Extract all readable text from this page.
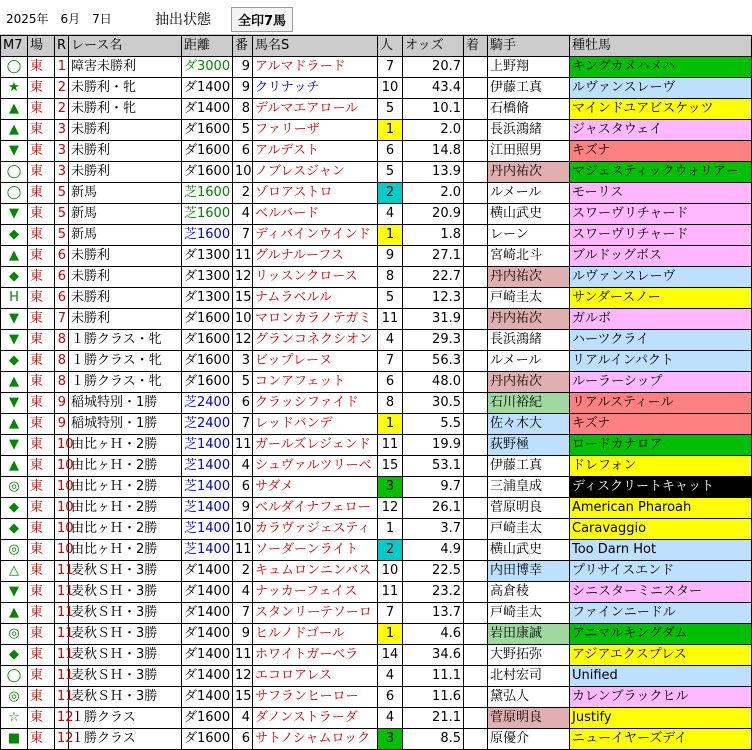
2025年　6月　7日	抽出状態	全印7馬
M7	場	R	レース名	距離	番	馬名S	人	オッズ	着	騎手	種牡馬
◯	東	1	障害未勝利	ダ3000	9	アルマドラード	7	20.7		上野翔	キングカメハメハ
★	東	2	未勝利・牝	ダ1400	9	クリナッチ	10	43.4		伊藤工真	ルヴァンスレーヴ
▲	東	2	未勝利・牝	ダ1400	8	デルマエアロール	5	10.1		石橋脩	マインドユアビスケッツ
▲	東	3	未勝利	ダ1600	5	ファリーザ	1	2.0		長浜鴻緒	ジャスタウェイ
▼	東	3	未勝利	ダ1600	6	アルデスト	6	14.8		江田照男	キズナ
◯	東	3	未勝利	ダ1600	10	ノブレスジャン	5	13.9		丹内祐次	マジェスティックウォリアー
◯	東	5	新馬	芝1600	2	ゾロアストロ	2	2.0		ルメール	モーリス
▼	東	5	新馬	芝1600	4	ベルバード	4	20.9		横山武史	スワーヴリチャード
◆	東	5	新馬	芝1600	7	ディバインウインド	1	1.8		レーン	スワーヴリチャード
▲	東	6	未勝利	ダ1300	11	グルナルーフス	9	27.1		宮崎北斗	ブルドッグボス
◆	東	6	未勝利	ダ1300	12	リッスンクロース	8	22.7		丹内祐次	ルヴァンスレーヴ
H	東	6	未勝利	ダ1300	15	ナムラベルル	5	12.3		戸崎圭太	サンダースノー
▼	東	7	未勝利	ダ1600	10	マロンカラノテガミ	11	31.9		丹内祐次	ガルボ
▼	東	8	１勝クラス・牝	ダ1600	12	グランコネクシオン	4	29.3		長浜鴻緒	ハーツクライ
◆	東	8	１勝クラス・牝	ダ1600	3	ビップレーヌ	7	56.3		ルメール	リアルインパクト
▲	東	8	１勝クラス・牝	ダ1600	5	コンアフェット	6	48.0		丹内祐次	ルーラーシップ
▼	東	9	稲城特別・1勝	芝2400	6	クラッシファイド	8	30.5		石川裕紀	リアルスティール
▲	東	9	稲城特別・1勝	芝2400	7	レッドバンデ	1	5.5		佐々木大	キズナ
▼	東	10	由比ヶＨ・2勝	芝1400	11	ガールズレジェンド	11	19.9		荻野極	ロードカナロア
▲	東	10	由比ヶＨ・2勝	芝1400	4	シュヴァルツリーベ	15	53.1		伊藤工真	ドレフォン
◎	東	10	由比ヶＨ・2勝	芝1400	6	サダメ	3	9.7		三浦皇成	ディスクリートキャット
◆	東	10	由比ヶＨ・2勝	芝1400	9	ベルダイナフェロー	12	26.1		菅原明良	American Pharoah
◆	東	10	由比ヶＨ・2勝	芝1400	10	カラヴァジェスティ	1	3.7		戸崎圭太	Caravaggio
◎	東	10	由比ヶＨ・2勝	芝1400	11	ソーダーンライト	2	4.9		横山武史	Too Darn Hot
△	東	11	麦秋ＳＨ・3勝	ダ1400	2	キュムロンニンバス	10	22.5		内田博幸	プリサイスエンド
▼	東	11	麦秋ＳＨ・3勝	ダ1400	4	ナッカーフェイス	11	23.2		高倉稜	シニスターミニスター
▲	東	11	麦秋ＳＨ・3勝	ダ1400	7	スタンリーテソーロ	7	13.7		戸崎圭太	ファインニードル
◎	東	11	麦秋ＳＨ・3勝	ダ1400	9	ヒルノドゴール	1	4.6		岩田康誠	アニマルキングダム
◆	東	11	麦秋ＳＨ・3勝	ダ1400	11	ホワイトガーベラ	14	34.6		大野拓弥	アジアエクスプレス
◯	東	11	麦秋ＳＨ・3勝	ダ1400	12	エコロアレス	4	11.1		北村宏司	Unified
◎	東	11	麦秋ＳＨ・3勝	ダ1400	15	サフランヒーロー	6	11.6		黛弘人	カレンブラックヒル
☆	東	12	１勝クラス	ダ1600	4	ダノンストラーダ	4	21.1		菅原明良	Justify
■	東	12	１勝クラス	ダ1600	6	サトノシャムロック	3	8.5		原優介	ニューイヤーズデイ
